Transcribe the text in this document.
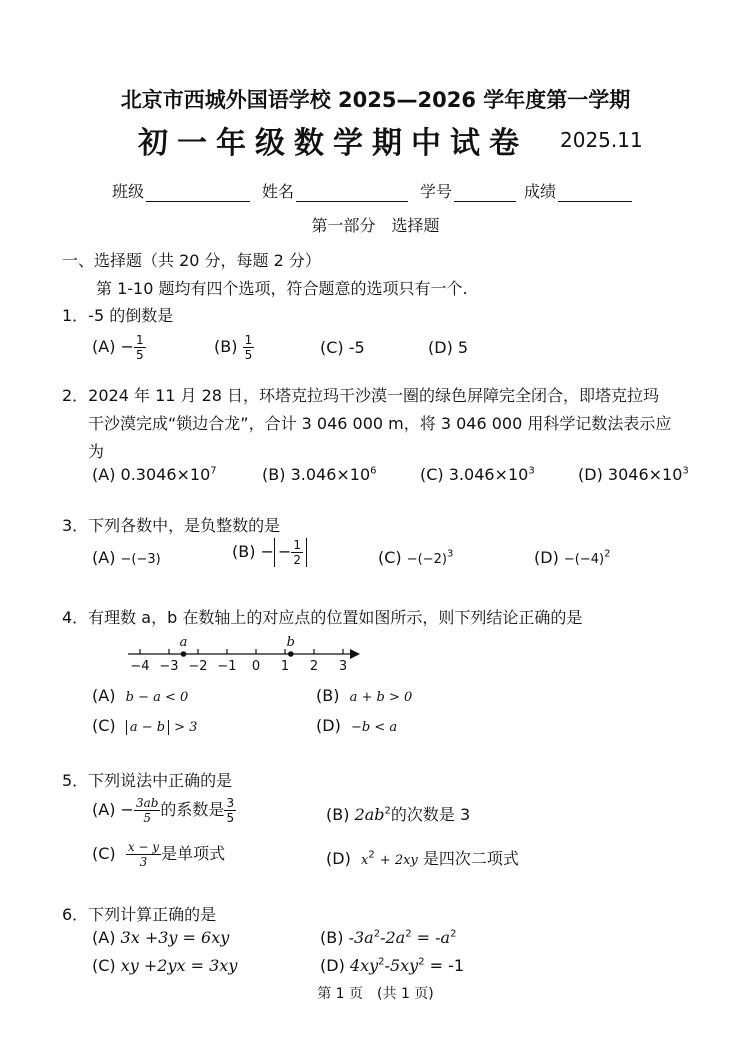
北京市西城外国语学校 2025—2026 学年度第一学期
初一年级数学期中试卷 2025.11
班级	姓名	学号	成绩
第一部分　选择题
一、选择题（共 20 分，每题 2 分）
第 1-10 题均有四个选项，符合题意的选项只有一个.
1．-5 的倒数是
$(A) - \frac{1}{5}$	$(B) \frac{1}{5}$	(C) -5	(D) 5
2．2024 年 11 月 28 日，环塔克拉玛干沙漠一圈的绿色屏障完全闭合，即塔克拉玛
干沙漠完成“锁边合龙”，合计 3 046 000 m，将 3 046 000 用科学记数法表示应
为
(A) $0.3046\times 10^7$	(B) $3.046\times 10^6$	(C) $3.046\times 10^3$	(D) $3046\times 10^3$
3．下列各数中，是负整数的是
(A) −(−3)	(B) − − $\frac{1}{2}$	$(C) -(-2)^3$	$(D) -(-4)^2$
4．有理数 a，b 在数轴上的对应点的位置如图所示，则下列结论正确的是
−4 −3 −2 −1 0 1 2 3
a	b
(A) b − a < 0	(B) a + b > 0
(C) a − b > 3	(D) −b < a
5．下列说法中正确的是
$(A) - \frac{3ab}{5}$ 的系数是 $\frac{3}{5}$	(B) $2ab^2$的次数是 3
$(C) \frac{x - y}{3}$ 是单项式	(D) $x^2 + 2xy$ 是四次二项式
6．下列计算正确的是
(A) 3x +3y = 6xy	(B) $-3a^2-2a^2 = -a^2$
(C) xy +2yx = 3xy	(D) $4xy^2-5xy^2 = -1$
第 1 页　(共 1 页)
